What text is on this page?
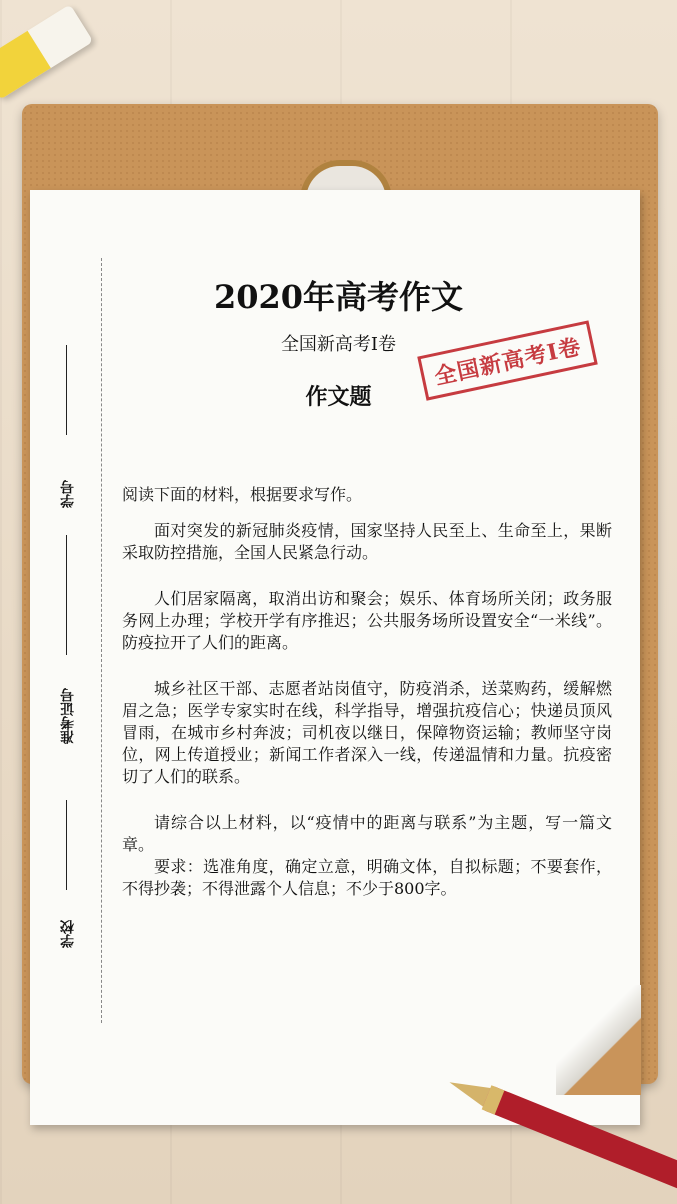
学号
准考证号
学校
2020年高考作文
全国新高考Ⅰ卷
作文题
全国新高考Ⅰ卷

阅读下面的材料，根据要求写作。

面对突发的新冠肺炎疫情，国家坚持人民至上、生命至上，果断采取防控措施，全国人民紧急行动。

人们居家隔离，取消出访和聚会；娱乐、体育场所关闭；政务服务网上办理；学校开学有序推迟；公共服务场所设置安全“一米线”。防疫拉开了人们的距离。

城乡社区干部、志愿者站岗值守，防疫消杀，送菜购药，缓解燃眉之急；医学专家实时在线，科学指导，增强抗疫信心；快递员顶风冒雨，在城市乡村奔波；司机夜以继日，保障物资运输；教师坚守岗位，网上传道授业；新闻工作者深入一线，传递温情和力量。抗疫密切了人们的联系。

请综合以上材料，以“疫情中的距离与联系”为主题，写一篇文章。

要求：选准角度，确定立意，明确文体，自拟标题；不要套作，不得抄袭；不得泄露个人信息；不少于800字。
